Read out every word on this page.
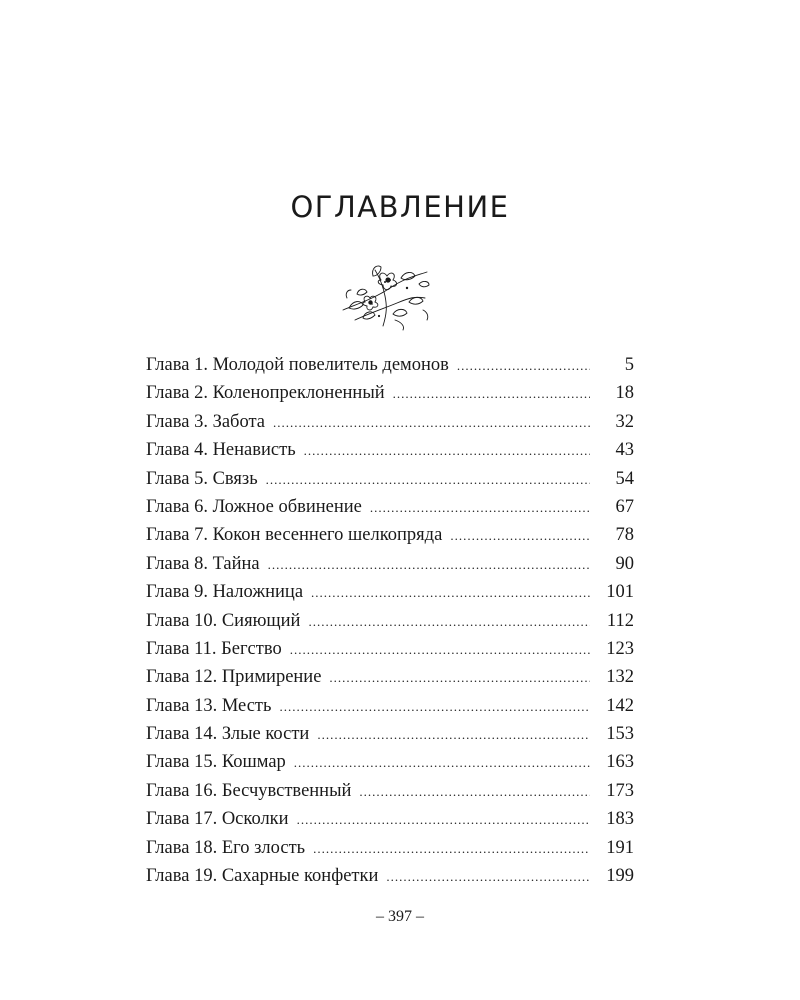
ОГЛАВЛЕНИЕ
Глава 1. Молодой повелитель демонов .....	5
Глава 2. Коленопреклоненный .....	18
Глава 3. Забота .....	32
Глава 4. Ненависть .....	43
Глава 5. Связь .....	54
Глава 6. Ложное обвинение .....	67
Глава 7. Кокон весеннего шелкопряда .....	78
Глава 8. Тайна .....	90
Глава 9. Наложница .....	101
Глава 10. Сияющий .....	112
Глава 11. Бегство .....	123
Глава 12. Примирение .....	132
Глава 13. Месть .....	142
Глава 14. Злые кости .....	153
Глава 15. Кошмар .....	163
Глава 16. Бесчувственный .....	173
Глава 17. Осколки .....	183
Глава 18. Его злость .....	191
Глава 19. Сахарные конфетки .....	199
– 397 –
